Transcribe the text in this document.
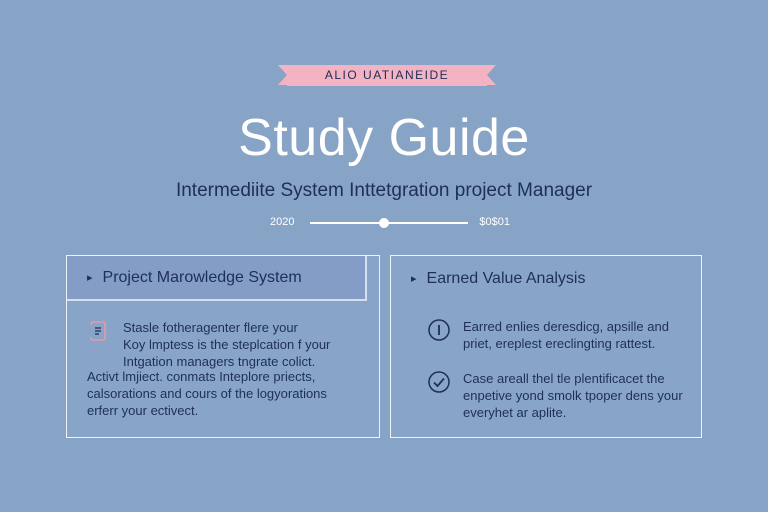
ALIO UATIANEIDE
Study Guide
Intermediite System Inttetgration project Manager
2020	$0$01
▸ Project Marowledge System
Stasle fotheragenter flere your
Koy lmptess is the steplcation f your
Intgation managers tngrate colict.
Activt lmjiect. conmats Inteplore priects,
calsorations and cours of the logyorations
erferr your ectivect.
▸ Earned Value Analysis
Earred enlies deresdicg, apsille and
priet, ereplest ereclingting rattest.
Case areall thel tle plentificacet the
enpetive yond smolk tpoper dens your
everyhet ar aplite.
